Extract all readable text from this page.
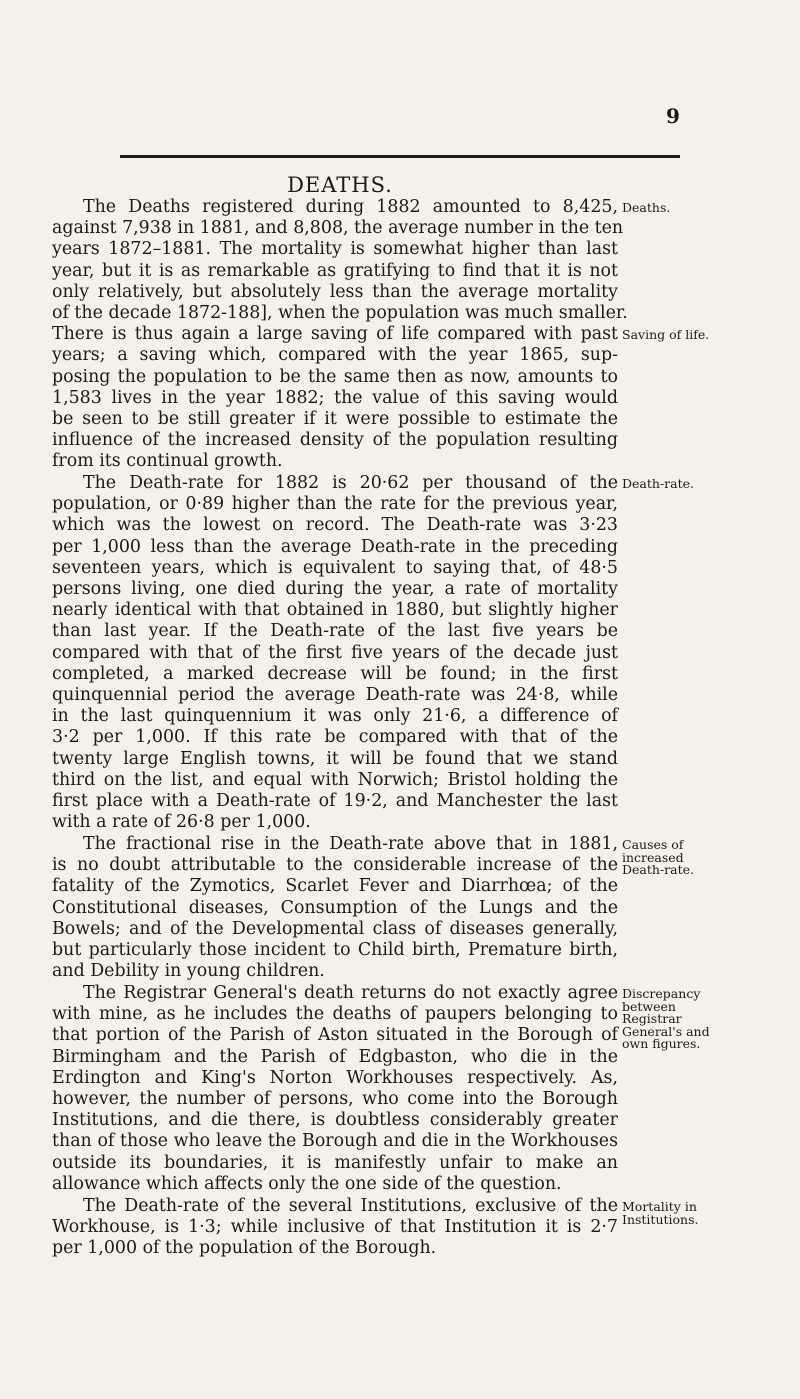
9
DEATHS.
The Deaths registered during 1882 amounted to 8,425,
against 7,938 in 1881, and 8,808, the average number in the ten
years 1872–1881. The mortality is somewhat higher than last
year, but it is as remarkable as gratifying to find that it is not
only relatively, but absolutely less than the average mortality
of the decade 1872-188], when the population was much smaller.
There is thus again a large saving of life compared with past
years; a saving which, compared with the year 1865, sup-
posing the population to be the same then as now, amounts to
1,583 lives in the year 1882; the value of this saving would
be seen to be still greater if it were possible to estimate the
influence of the increased density of the population resulting
from its continual growth.
The Death-rate for 1882 is 20·62 per thousand of the
population, or 0·89 higher than the rate for the previous year,
which was the lowest on record. The Death-rate was 3·23
per 1,000 less than the average Death-rate in the preceding
seventeen years, which is equivalent to saying that, of 48·5
persons living, one died during the year, a rate of mortality
nearly identical with that obtained in 1880, but slightly higher
than last year. If the Death-rate of the last five years be
compared with that of the first five years of the decade just
completed, a marked decrease will be found; in the first
quinquennial period the average Death-rate was 24·8, while
in the last quinquennium it was only 21·6, a difference of
3·2 per 1,000. If this rate be compared with that of the
twenty large English towns, it will be found that we stand
third on the list, and equal with Norwich; Bristol holding the
first place with a Death-rate of 19·2, and Manchester the last
with a rate of 26·8 per 1,000.
The fractional rise in the Death-rate above that in 1881,
is no doubt attributable to the considerable increase of the
fatality of the Zymotics, Scarlet Fever and Diarrhœa; of the
Constitutional diseases, Consumption of the Lungs and the
Bowels; and of the Developmental class of diseases generally,
but particularly those incident to Child birth, Premature birth,
and Debility in young children.
The Registrar General's death returns do not exactly agree
with mine, as he includes the deaths of paupers belonging to
that portion of the Parish of Aston situated in the Borough of
Birmingham and the Parish of Edgbaston, who die in the
Erdington and King's Norton Workhouses respectively. As,
however, the number of persons, who come into the Borough
Institutions, and die there, is doubtless considerably greater
than of those who leave the Borough and die in the Workhouses
outside its boundaries, it is manifestly unfair to make an
allowance which affects only the one side of the question.
The Death-rate of the several Institutions, exclusive of the
Workhouse, is 1·3; while inclusive of that Institution it is 2·7
per 1,000 of the population of the Borough.
Deaths.
Saving of life.
Death-rate.
Causes of
increased
Death-rate.
Discrepancy
between
Registrar
General's and
own figures.
Mortality in
Institutions.
